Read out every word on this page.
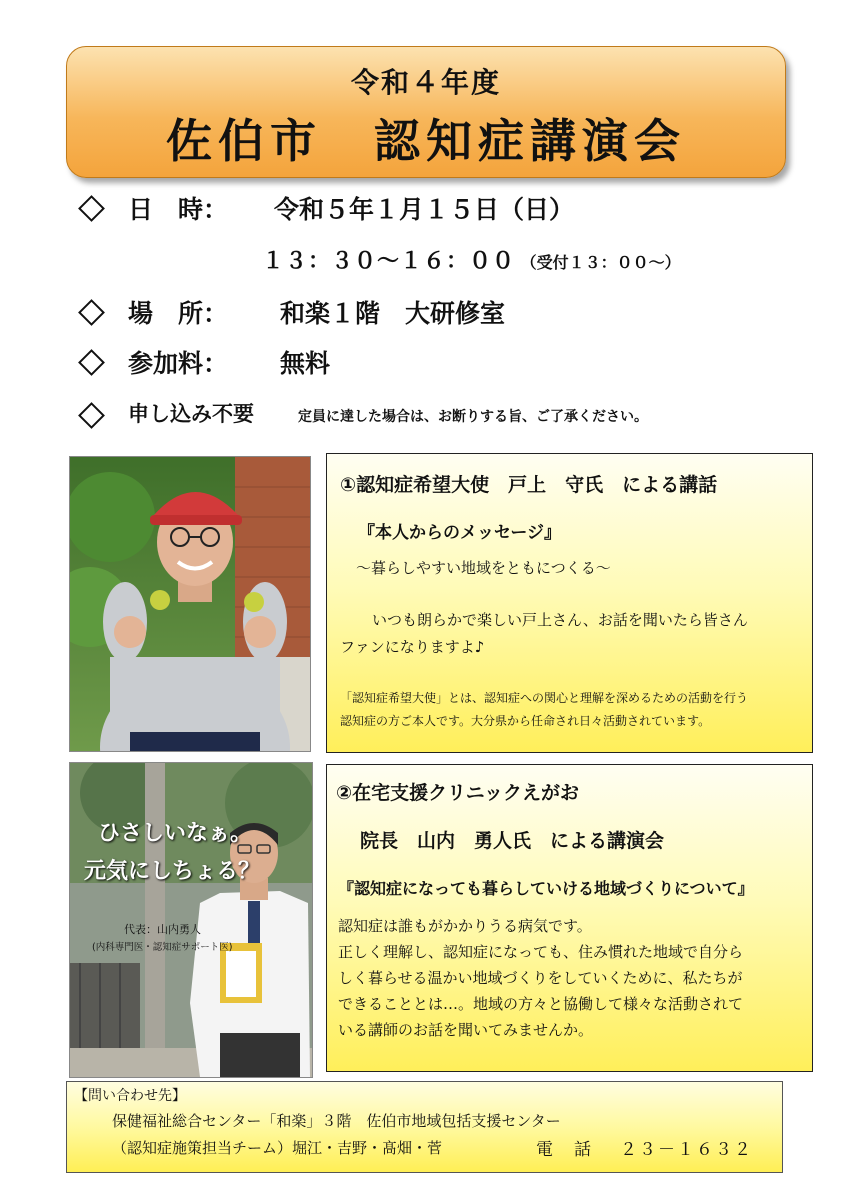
令和４年度
佐伯市　認知症講演会
日　時： 令和５年１月１５日（日）
１３：３０～１６：００ （受付１３：００～）
場　所： 和楽１階　大研修室
参加料： 無料
申し込み不要	定員に達した場合は、お断りする旨、ご了承ください。
①認知症希望大使　戸上　守氏　による講話
『本人からのメッセージ』
～暮らしやすい地域をともにつくる～
いつも朗らかで楽しい戸上さん、お話を聞いたら皆さん
ファンになりますよ♪
「認知症希望大使」とは、認知症への関心と理解を深めるための活動を行う
認知症の方ご本人です。大分県から任命され日々活動されています。
ひさしいなぁ。
元気にしちょる？
代表：山内勇人
(内科専門医・認知症サポート医)
②在宅支援クリニックえがお
院長　山内　勇人氏　による講演会
『認知症になっても暮らしていける地域づくりについて』
認知症は誰もがかかりうる病気です。
正しく理解し、認知症になっても、住み慣れた地域で自分ら
しく暮らせる温かい地域づくりをしていくために、私たちが
できることとは…。地域の方々と協働して様々な活動されて
いる講師のお話を聞いてみませんか。
【問い合わせ先】
保健福祉総合センター「和楽」３階　佐伯市地域包括支援センター
（認知症施策担当チーム）堀江・吉野・髙畑・菅	電　話 ２３－１６３２
